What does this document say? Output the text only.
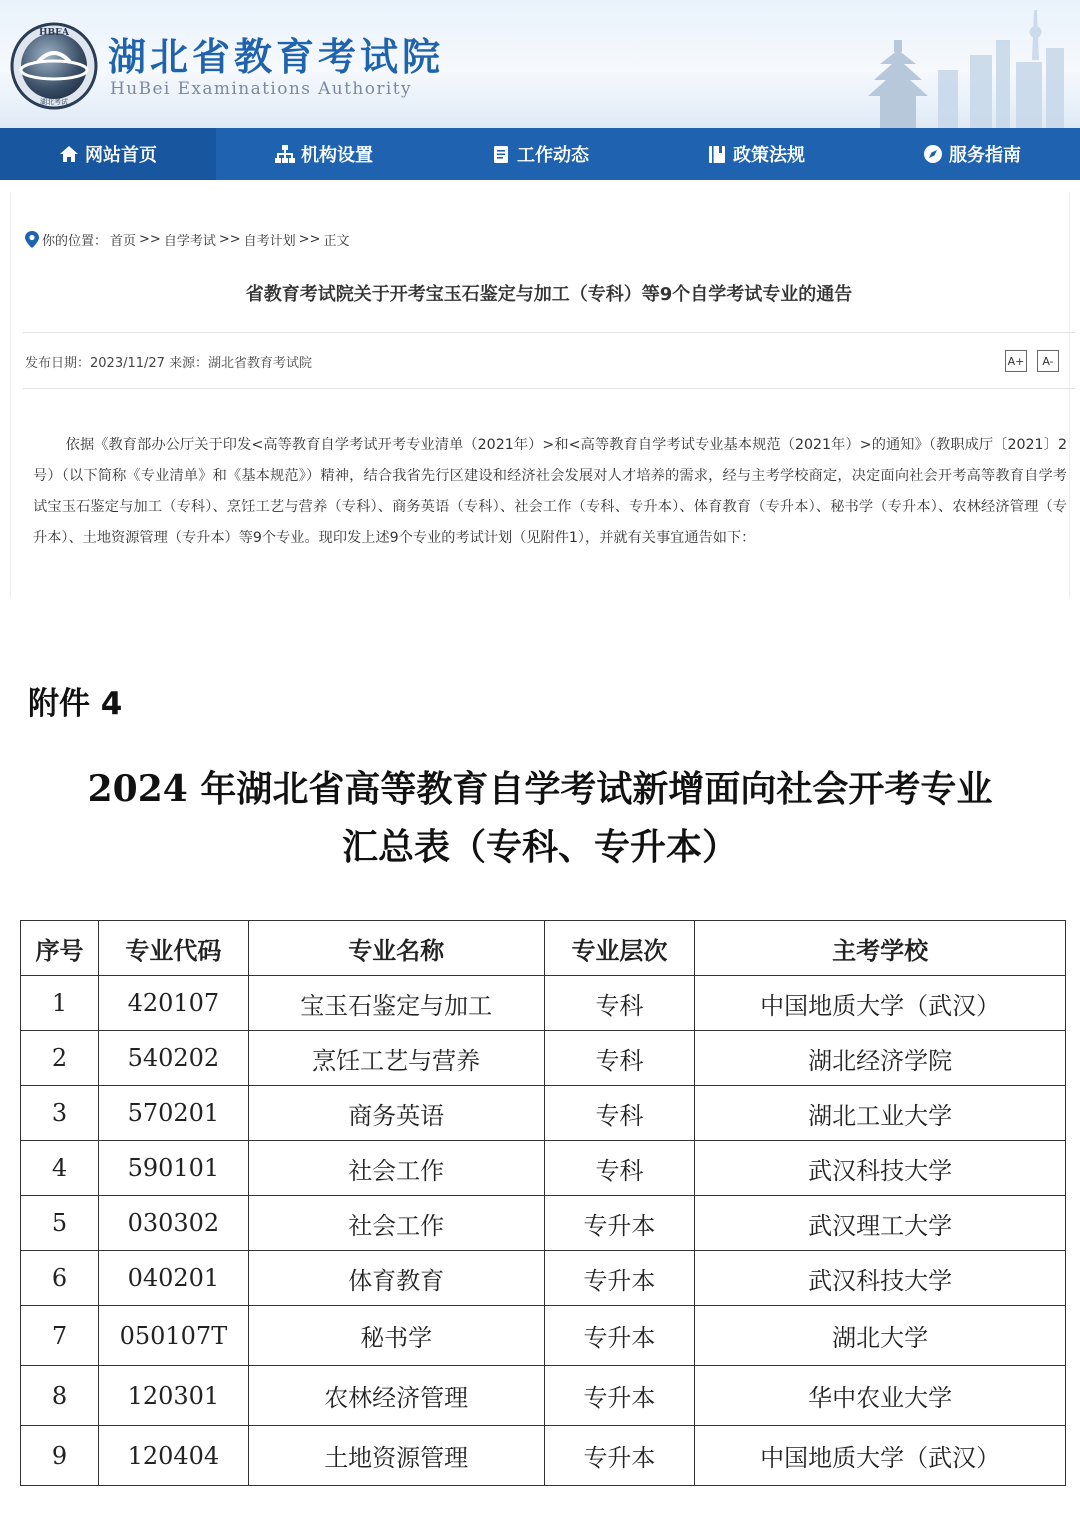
HBEA
湖北考试
湖北省教育考试院
HuBei Examinations Authority
网站首页	机构设置	工作动态	政策法规	服务指南
你的位置： 首页 >> 自学考试 >> 自考计划 >> 正文
省教育考试院关于开考宝玉石鉴定与加工（专科）等9个自学考试专业的通告
发布日期：2023/11/27 来源：湖北省教育考试院	A+	A-

依据《教育部办公厅关于印发<高等教育自学考试开考专业清单（2021年）>和<高等教育自学考试专业基本规范（2021年）>的通知》（教职成厅〔2021〕2号）（以下简称《专业清单》和《基本规范》）精神，结合我省先行区建设和经济社会发展对人才培养的需求，经与主考学校商定，决定面向社会开考高等教育自学考试宝玉石鉴定与加工（专科）、烹饪工艺与营养（专科）、商务英语（专科）、社会工作（专科、专升本）、体育教育（专升本）、秘书学（专升本）、农林经济管理（专升本）、土地资源管理（专升本）等9个专业。现印发上述9个专业的考试计划（见附件1），并就有关事宜通告如下：

附件 4
2024 年湖北省高等教育自学考试新增面向社会开考专业
汇总表（专科、专升本）
序号	专业代码	专业名称	专业层次	主考学校
1	420107	宝玉石鉴定与加工	专科	中国地质大学（武汉）
2	540202	烹饪工艺与营养	专科	湖北经济学院
3	570201	商务英语	专科	湖北工业大学
4	590101	社会工作	专科	武汉科技大学
5	030302	社会工作	专升本	武汉理工大学
6	040201	体育教育	专升本	武汉科技大学
7	050107T	秘书学	专升本	湖北大学
8	120301	农林经济管理	专升本	华中农业大学
9	120404	土地资源管理	专升本	中国地质大学（武汉）
